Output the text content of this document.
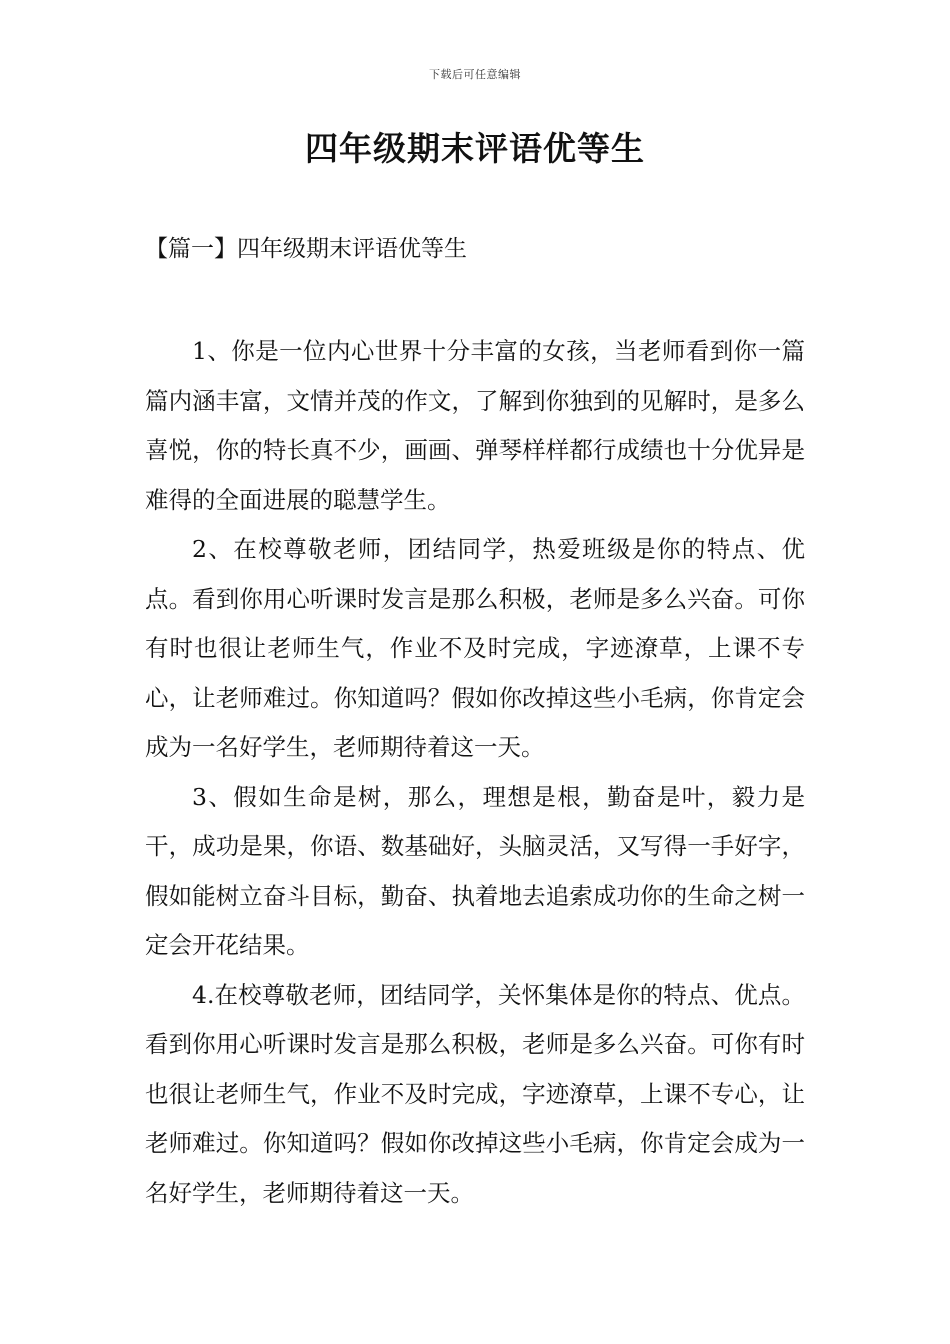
下载后可任意编辑
四年级期末评语优等生
【篇一】四年级期末评语优等生

1、你是一位内心世界十分丰富的女孩，当老师看到你一篇篇内涵丰富，文情并茂的作文，了解到你独到的见解时，是多么喜悦，你的特长真不少，画画、弹琴样样都行成绩也十分优异是难得的全面进展的聪慧学生。

2、在校尊敬老师，团结同学，热爱班级是你的特点、优点。看到你用心听课时发言是那么积极，老师是多么兴奋。可你有时也很让老师生气，作业不及时完成，字迹潦草，上课不专心，让老师难过。你知道吗？假如你改掉这些小毛病，你肯定会成为一名好学生，老师期待着这一天。

3、假如生命是树，那么，理想是根，勤奋是叶，毅力是干，成功是果，你语、数基础好，头脑灵活，又写得一手好字，假如能树立奋斗目标，勤奋、执着地去追索成功你的生命之树一定会开花结果。

4.在校尊敬老师，团结同学，关怀集体是你的特点、优点。看到你用心听课时发言是那么积极，老师是多么兴奋。可你有时也很让老师生气，作业不及时完成，字迹潦草，上课不专心，让老师难过。你知道吗？假如你改掉这些小毛病，你肯定会成为一名好学生，老师期待着这一天。
